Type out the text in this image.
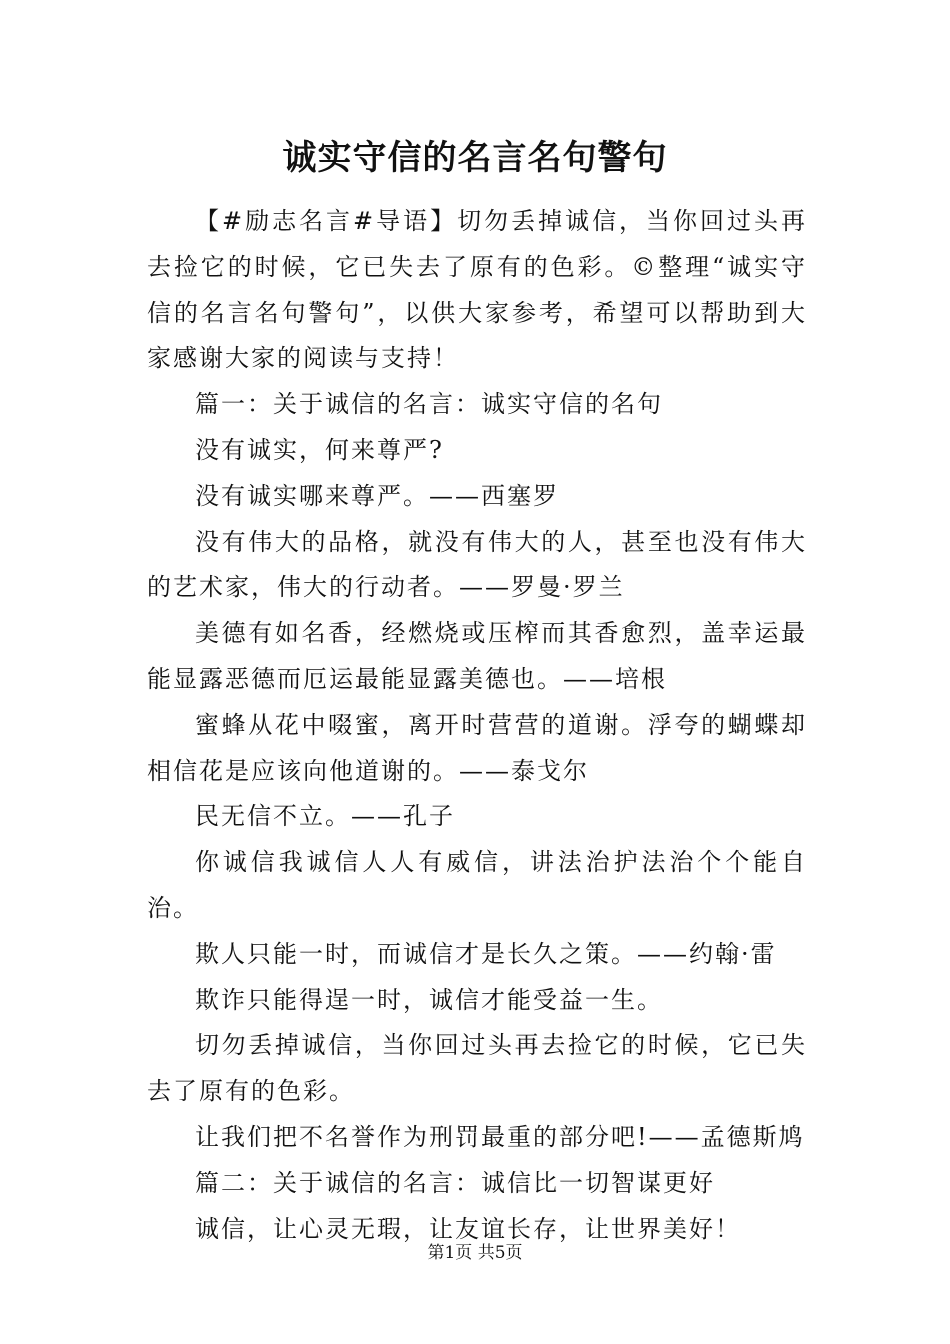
诚实守信的名言名句警句

【#励志名言#导语】切勿丢掉诚信，当你回过头再去捡它的时候，它已失去了原有的色彩。©整理“诚实守信的名言名句警句”，以供大家参考，希望可以帮助到大家感谢大家的阅读与支持！

篇一：关于诚信的名言：诚实守信的名句

没有诚实，何来尊严?

没有诚实哪来尊严。——西塞罗

没有伟大的品格，就没有伟大的人，甚至也没有伟大的艺术家，伟大的行动者。——罗曼·罗兰

美德有如名香，经燃烧或压榨而其香愈烈，盖幸运最能显露恶德而厄运最能显露美德也。——培根

蜜蜂从花中啜蜜，离开时营营的道谢。浮夸的蝴蝶却相信花是应该向他道谢的。——泰戈尔

民无信不立。——孔子

你诚信我诚信人人有威信，讲法治护法治个个能自治。

欺人只能一时，而诚信才是长久之策。——约翰·雷

欺诈只能得逞一时，诚信才能受益一生。

切勿丢掉诚信，当你回过头再去捡它的时候，它已失去了原有的色彩。

让我们把不名誉作为刑罚最重的部分吧!——孟德斯鸠

篇二：关于诚信的名言：诚信比一切智谋更好

诚信，让心灵无瑕，让友谊长存，让世界美好！

第1页 共5页
